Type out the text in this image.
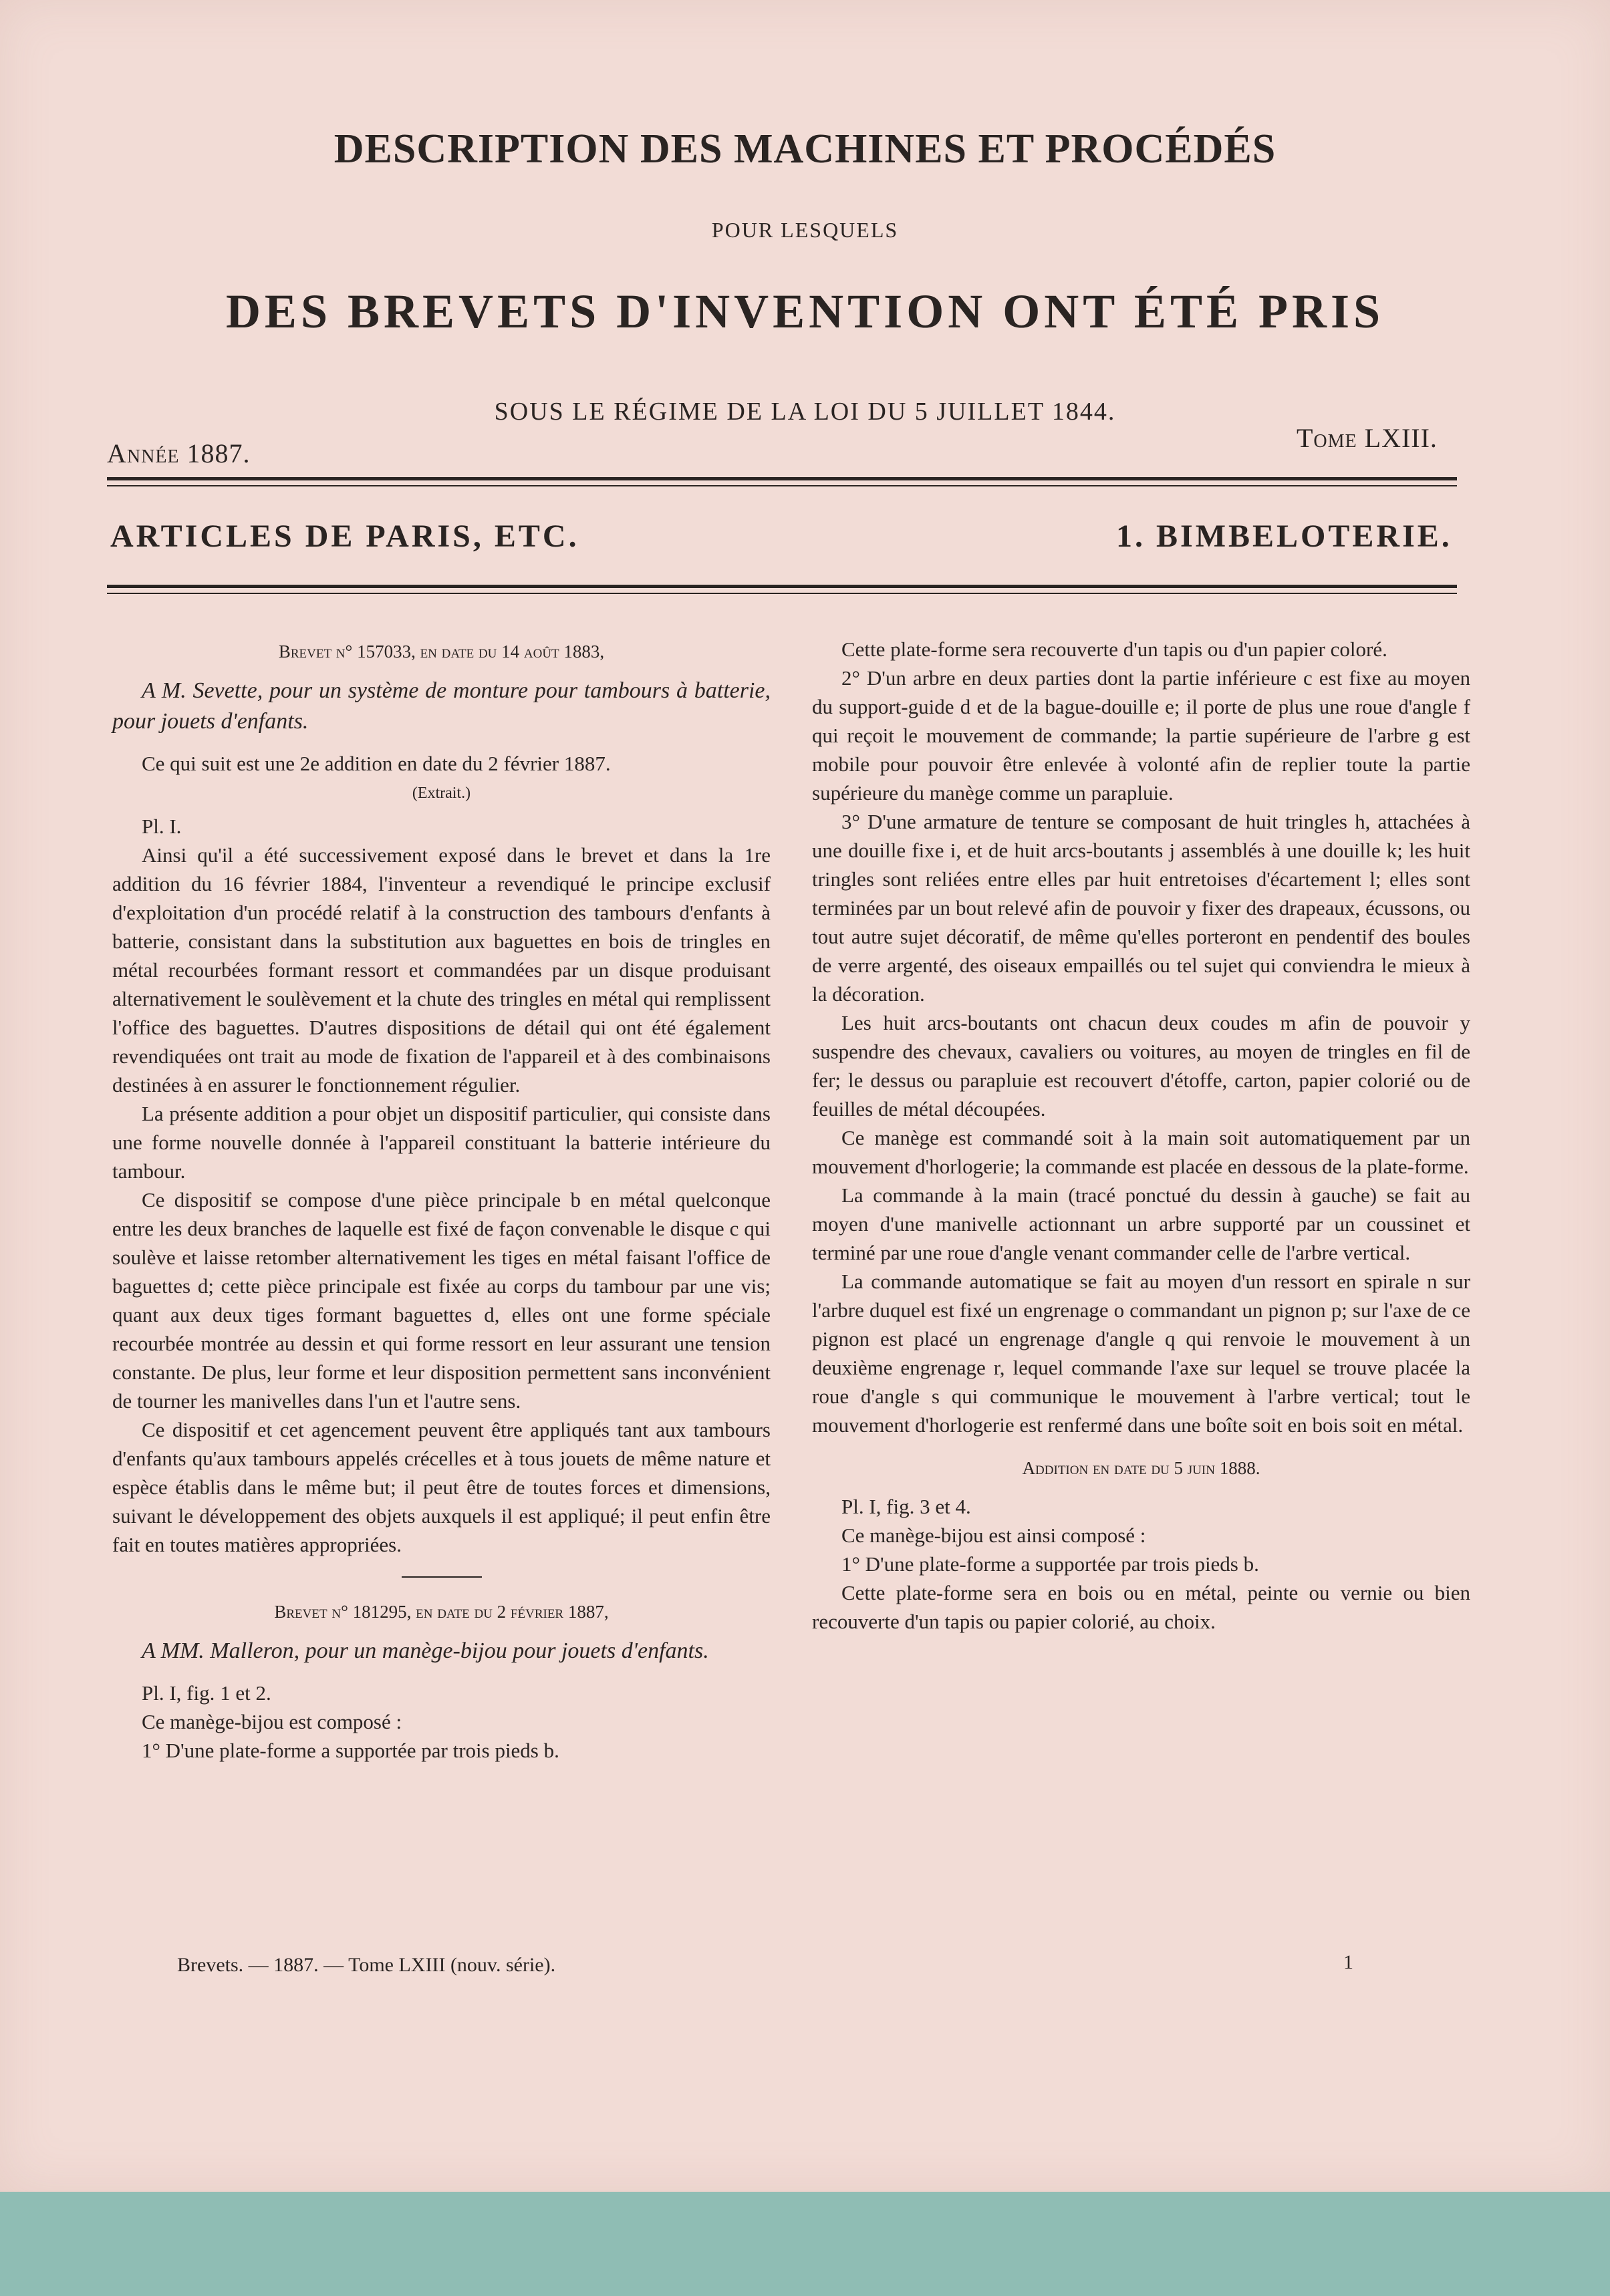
DESCRIPTION DES MACHINES ET PROCÉDÉS
POUR LESQUELS
DES BREVETS D'INVENTION ONT ÉTÉ PRIS
SOUS LE RÉGIME DE LA LOI DU 5 JUILLET 1844.
Année 1887.
Tome LXIII.
ARTICLES DE PARIS, ETC.	1. BIMBELOTERIE.

Brevet n° 157033, en date du 14 août 1883,

A M. Sevette, pour un système de monture pour tambours à batterie, pour jouets d'enfants.

Ce qui suit est une 2e addition en date du 2 février 1887.

(Extrait.)

Pl. I.

Ainsi qu'il a été successivement exposé dans le brevet et dans la 1re addition du 16 février 1884, l'inventeur a revendiqué le principe exclusif d'exploitation d'un procédé relatif à la construction des tambours d'enfants à batterie, consistant dans la substitution aux baguettes en bois de tringles en métal recourbées formant ressort et commandées par un disque produisant alternativement le soulèvement et la chute des tringles en métal qui remplissent l'office des baguettes. D'autres dispositions de détail qui ont été également revendiquées ont trait au mode de fixation de l'appareil et à des combinaisons destinées à en assurer le fonctionnement régulier.

La présente addition a pour objet un dispositif particulier, qui consiste dans une forme nouvelle donnée à l'appareil constituant la batterie intérieure du tambour.

Ce dispositif se compose d'une pièce principale b en métal quelconque entre les deux branches de laquelle est fixé de façon convenable le disque c qui soulève et laisse retomber alternativement les tiges en métal faisant l'office de baguettes d; cette pièce principale est fixée au corps du tambour par une vis; quant aux deux tiges formant baguettes d, elles ont une forme spéciale recourbée montrée au dessin et qui forme ressort en leur assurant une tension constante. De plus, leur forme et leur disposition permettent sans inconvénient de tourner les manivelles dans l'un et l'autre sens.

Ce dispositif et cet agencement peuvent être appliqués tant aux tambours d'enfants qu'aux tambours appelés crécelles et à tous jouets de même nature et espèce établis dans le même but; il peut être de toutes forces et dimensions, suivant le développement des objets auxquels il est appliqué; il peut enfin être fait en toutes matières appropriées.

Brevet n° 181295, en date du 2 février 1887,

A MM. Malleron, pour un manège-bijou pour jouets d'enfants.

Pl. I, fig. 1 et 2.

Ce manège-bijou est composé :

1° D'une plate-forme a supportée par trois pieds b.

Cette plate-forme sera recouverte d'un tapis ou d'un papier coloré.

2° D'un arbre en deux parties dont la partie inférieure c est fixe au moyen du support-guide d et de la bague-douille e; il porte de plus une roue d'angle f qui reçoit le mouvement de commande; la partie supérieure de l'arbre g est mobile pour pouvoir être enlevée à volonté afin de replier toute la partie supérieure du manège comme un parapluie.

3° D'une armature de tenture se composant de huit tringles h, attachées à une douille fixe i, et de huit arcs-boutants j assemblés à une douille k; les huit tringles sont reliées entre elles par huit entretoises d'écartement l; elles sont terminées par un bout relevé afin de pouvoir y fixer des drapeaux, écussons, ou tout autre sujet décoratif, de même qu'elles porteront en pendentif des boules de verre argenté, des oiseaux empaillés ou tel sujet qui conviendra le mieux à la décoration.

Les huit arcs-boutants ont chacun deux coudes m afin de pouvoir y suspendre des chevaux, cavaliers ou voitures, au moyen de tringles en fil de fer; le dessus ou parapluie est recouvert d'étoffe, carton, papier colorié ou de feuilles de métal découpées.

Ce manège est commandé soit à la main soit automatiquement par un mouvement d'horlogerie; la commande est placée en dessous de la plate-forme.

La commande à la main (tracé ponctué du dessin à gauche) se fait au moyen d'une manivelle actionnant un arbre supporté par un coussinet et terminé par une roue d'angle venant commander celle de l'arbre vertical.

La commande automatique se fait au moyen d'un ressort en spirale n sur l'arbre duquel est fixé un engrenage o commandant un pignon p; sur l'axe de ce pignon est placé un engrenage d'angle q qui renvoie le mouvement à un deuxième engrenage r, lequel commande l'axe sur lequel se trouve placée la roue d'angle s qui communique le mouvement à l'arbre vertical; tout le mouvement d'horlogerie est renfermé dans une boîte soit en bois soit en métal.

Addition en date du 5 juin 1888.

Pl. I, fig. 3 et 4.

Ce manège-bijou est ainsi composé :

1° D'une plate-forme a supportée par trois pieds b.

Cette plate-forme sera en bois ou en métal, peinte ou vernie ou bien recouverte d'un tapis ou papier colorié, au choix.

Brevets. — 1887. — Tome LXIII (nouv. série).	1
